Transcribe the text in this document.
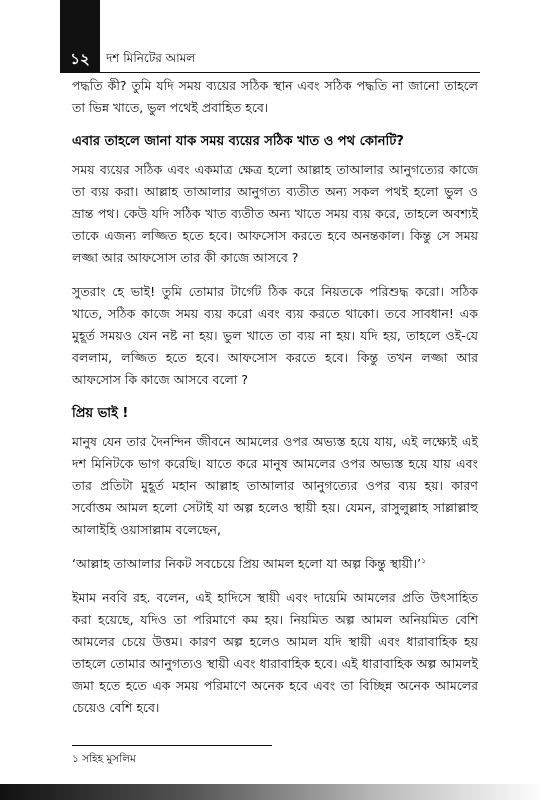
১২	দশ মিনিটের আমল

পদ্ধতি কী? তুমি যদি সময় ব্যয়ের সঠিক স্থান এবং সঠিক পদ্ধতি না জানো তাহলে তা ভিন্ন খাতে, ভুল পথেই প্রবাহিত হবে।

এবার তাহলে জানা যাক সময় ব্যয়ের সঠিক খাত ও পথ কোনটি?

সময় ব্যয়ের সঠিক এবং একমাত্র ক্ষেত্র হলো আল্লাহ তাআলার আনুগত্যের কাজে তা ব্যয় করা। আল্লাহ তাআলার আনুগত্য ব্যতীত অন্য সকল পথই হলো ভুল ও ভ্রান্ত পথ। কেউ যদি সঠিক খাত ব্যতীত অন্য খাতে সময় ব্যয় করে, তাহলে অবশ্যই তাকে এজন্য লজ্জিত হতে হবে। আফসোস করতে হবে অনন্তকাল। কিন্তু সে সময় লজ্জা আর আফসোস তার কী কাজে আসবে ?

সুতরাং হে ভাই! তুমি তোমার টার্গেট ঠিক করে নিয়তকে পরিশুদ্ধ করো। সঠিক খাতে, সঠিক কাজে সময় ব্যয় করো এবং ব্যয় করতে থাকো। তবে সাবধান! এক মুহূর্ত সময়ও যেন নষ্ট না হয়। ভুল খাতে তা ব্যয় না হয়। যদি হয়, তাহলে ওই-যে বললাম, লজ্জিত হতে হবে। আফসোস করতে হবে। কিন্তু তখন লজ্জা আর আফসোস কি কাজে আসবে বলো ?

প্রিয় ভাই !

মানুষ যেন তার দৈনন্দিন জীবনে আমলের ওপর অভ্যস্ত হয়ে যায়, এই লক্ষ্যেই এই দশ মিনিটকে ভাগ করেছি। যাতে করে মানুষ আমলের ওপর অভ্যস্ত হয়ে যায় এবং তার প্রতিটা মুহূর্ত মহান আল্লাহ তাআলার আনুগত্যের ওপর ব্যয় হয়। কারণ সর্বোত্তম আমল হলো সেটাই যা অল্প হলেও স্থায়ী হয়। যেমন, রাসুলুল্লাহ সাল্লাল্লাহু আলাইহি ওয়াসাল্লাম বলেছেন,

‘আল্লাহ তাআলার নিকট সবচেয়ে প্রিয় আমল হলো যা অল্প কিন্তু স্থায়ী।’$^১$

ইমাম নববি রহ. বলেন, এই হাদিসে স্থায়ী এবং দায়েমি আমলের প্রতি উৎসাহিত করা হয়েছে, যদিও তা পরিমাণে কম হয়। নিয়মিত অল্প আমল অনিয়মিত বেশি আমলের চেয়ে উত্তম। কারণ অল্প হলেও আমল যদি স্থায়ী এবং ধারাবাহিক হয় তাহলে তোমার আনুগত্যও স্থায়ী এবং ধারাবাহিক হবে। এই ধারাবাহিক অল্প আমলই জমা হতে হতে এক সময় পরিমাণে অনেক হবে এবং তা বিচ্ছিন্ন অনেক আমলের চেয়েও বেশি হবে।

১ সহিহ মুসলিম
